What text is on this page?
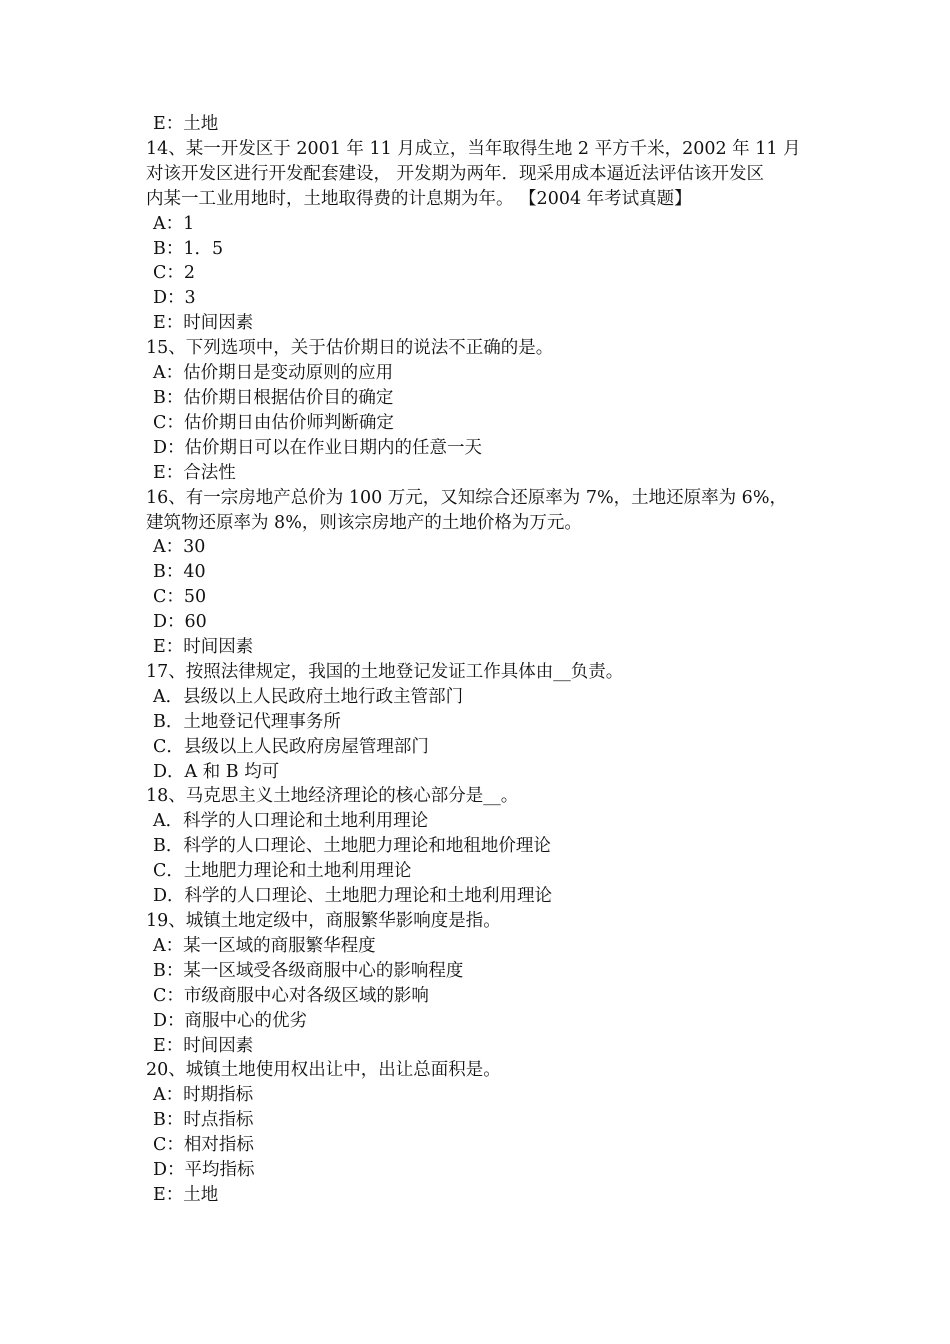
E：土地
14、某一开发区于 2001 年 11 月成立，当年取得生地 2 平方千米，2002 年 11 月
对该开发区进行开发配套建设， 开发期为两年．现采用成本逼近法评估该开发区
内某一工业用地时，土地取得费的计息期为年。 【2004 年考试真题】
A：1
B：1．5
C：2
D：3
E：时间因素
15、下列选项中，关于估价期日的说法不正确的是。
A：估价期日是变动原则的应用
B：估价期日根据估价目的确定
C：估价期日由估价师判断确定
D：估价期日可以在作业日期内的任意一天
E：合法性
16、有一宗房地产总价为 100 万元，又知综合还原率为 7%，土地还原率为 6%，
建筑物还原率为 8%，则该宗房地产的土地价格为万元。
A：30
B：40
C：50
D：60
E：时间因素
17、按照法律规定，我国的土地登记发证工作具体由__负责。
A．县级以上人民政府土地行政主管部门
B．土地登记代理事务所
C．县级以上人民政府房屋管理部门
D．A 和 B 均可
18、马克思主义土地经济理论的核心部分是__。
A．科学的人口理论和土地利用理论
B．科学的人口理论、土地肥力理论和地租地价理论
C．土地肥力理论和土地利用理论
D．科学的人口理论、土地肥力理论和土地利用理论
19、城镇土地定级中，商服繁华影响度是指。
A：某一区域的商服繁华程度
B：某一区域受各级商服中心的影响程度
C：市级商服中心对各级区域的影响
D：商服中心的优劣
E：时间因素
20、城镇土地使用权出让中，出让总面积是。
A：时期指标
B：时点指标
C：相对指标
D：平均指标
E：土地
